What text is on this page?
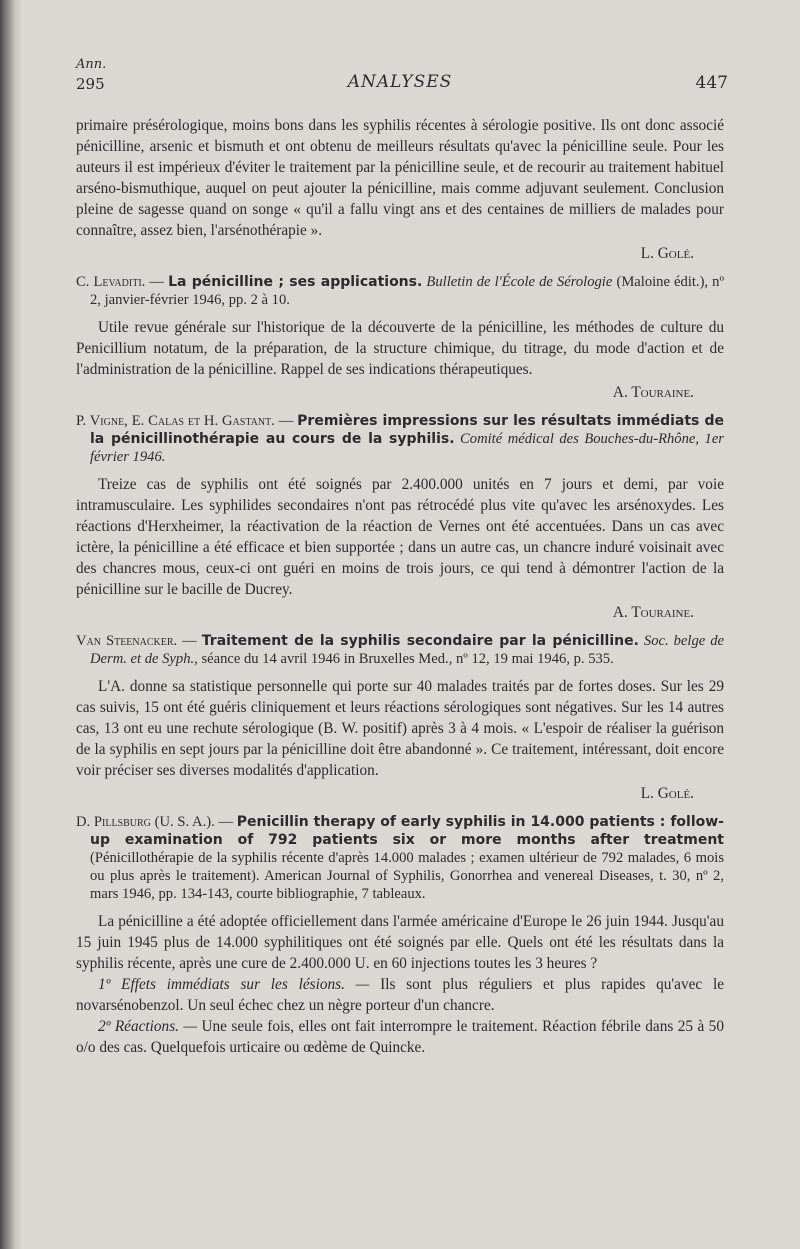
Ann.
295	ANALYSES	447

primaire présérologique, moins bons dans les syphilis récentes à sérologie positive. Ils ont donc associé pénicilline, arsenic et bismuth et ont obtenu de meilleurs résultats qu'avec la pénicilline seule. Pour les auteurs il est impérieux d'éviter le traitement par la pénicilline seule, et de recourir au traitement habituel arséno-bismuthique, auquel on peut ajouter la pénicilline, mais comme adjuvant seulement. Conclusion pleine de sagesse quand on songe « qu'il a fallu vingt ans et des centaines de milliers de malades pour connaître, assez bien, l'arsénothérapie ».

L. Golé.

C. Levaditi. — La pénicilline ; ses applications. Bulletin de l'École de Sérologie (Maloine édit.), nº 2, janvier-février 1946, pp. 2 à 10.

Utile revue générale sur l'historique de la découverte de la pénicilline, les méthodes de culture du Penicillium notatum, de la préparation, de la structure chimique, du titrage, du mode d'action et de l'administration de la pénicilline. Rappel de ses indications thérapeutiques.

A. Touraine.

P. Vigne, E. Calas et H. Gastant. — Premières impressions sur les résultats immédiats de la pénicillinothérapie au cours de la syphilis. Comité médical des Bouches-du-Rhône, 1er février 1946.

Treize cas de syphilis ont été soignés par 2.400.000 unités en 7 jours et demi, par voie intramusculaire. Les syphilides secondaires n'ont pas rétrocédé plus vite qu'avec les arsénoxydes. Les réactions d'Herxheimer, la réactivation de la réaction de Vernes ont été accentuées. Dans un cas avec ictère, la pénicilline a été efficace et bien supportée ; dans un autre cas, un chancre induré voisinait avec des chancres mous, ceux-ci ont guéri en moins de trois jours, ce qui tend à démontrer l'action de la pénicilline sur le bacille de Ducrey.

A. Touraine.

Van Steenacker. — Traitement de la syphilis secondaire par la pénicilline. Soc. belge de Derm. et de Syph., séance du 14 avril 1946 in Bruxelles Med., nº 12, 19 mai 1946, p. 535.

L'A. donne sa statistique personnelle qui porte sur 40 malades traités par de fortes doses. Sur les 29 cas suivis, 15 ont été guéris cliniquement et leurs réactions sérologiques sont négatives. Sur les 14 autres cas, 13 ont eu une rechute sérologique (B. W. positif) après 3 à 4 mois. « L'espoir de réaliser la guérison de la syphilis en sept jours par la pénicilline doit être abandonné ». Ce traitement, intéressant, doit encore voir préciser ses diverses modalités d'application.

L. Golé.

D. Pillsburg (U. S. A.). — Penicillin therapy of early syphilis in 14.000 patients : follow-up examination of 792 patients six or more months after treatment (Pénicillothérapie de la syphilis récente d'après 14.000 malades ; examen ultérieur de 792 malades, 6 mois ou plus après le traitement). American Journal of Syphilis, Gonorrhea and venereal Diseases, t. 30, nº 2, mars 1946, pp. 134-143, courte bibliographie, 7 tableaux.

La pénicilline a été adoptée officiellement dans l'armée américaine d'Europe le 26 juin 1944. Jusqu'au 15 juin 1945 plus de 14.000 syphilitiques ont été soignés par elle. Quels ont été les résultats dans la syphilis récente, après une cure de 2.400.000 U. en 60 injections toutes les 3 heures ?

1º Effets immédiats sur les lésions. — Ils sont plus réguliers et plus rapides qu'avec le novarsénobenzol. Un seul échec chez un nègre porteur d'un chancre.

2º Réactions. — Une seule fois, elles ont fait interrompre le traitement. Réaction fébrile dans 25 à 50 o/o des cas. Quelquefois urticaire ou œdème de Quincke.
